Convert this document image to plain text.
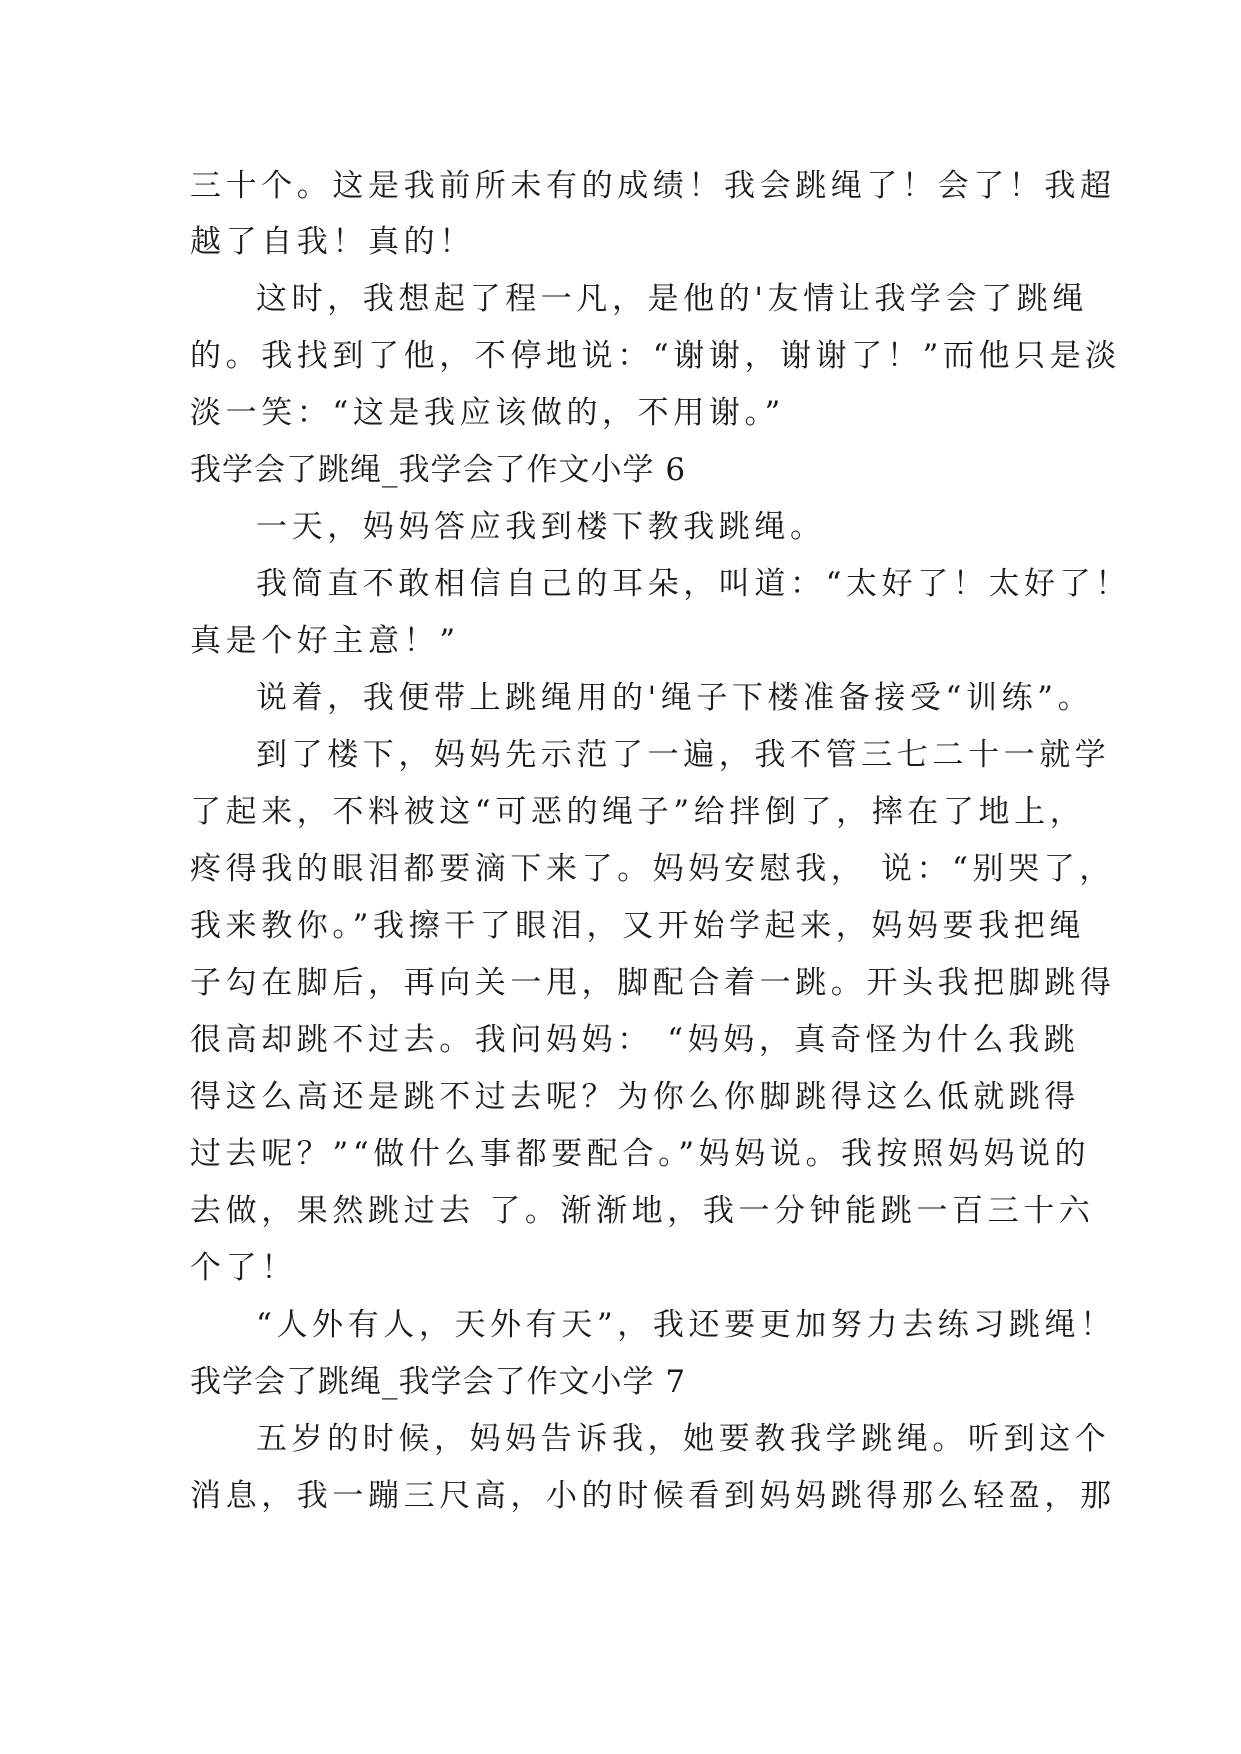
三十个。这是我前所未有的成绩！我会跳绳了！会了！我超
越了自我！真的！
这时，我想起了程一凡，是他的'友情让我学会了跳绳
的。我找到了他，不停地说：“谢谢，谢谢了！”而他只是淡
淡一笑：“这是我应该做的，不用谢。”
我学会了跳绳_我学会了作文小学 6
一天，妈妈答应我到楼下教我跳绳。
我简直不敢相信自己的耳朵，叫道：“太好了！太好了！
真是个好主意！”
说着，我便带上跳绳用的'绳子下楼准备接受“训练”。
到了楼下，妈妈先示范了一遍，我不管三七二十一就学
了起来，不料被这“可恶的绳子”给拌倒了，摔在了地上，
疼得我的眼泪都要滴下来了。妈妈安慰我， 说：“别哭了，
我来教你。”我擦干了眼泪，又开始学起来，妈妈要我把绳
子勾在脚后，再向关一甩，脚配合着一跳。开头我把脚跳得
很高却跳不过去。我问妈妈： “妈妈，真奇怪为什么我跳
得这么高还是跳不过去呢？为你么你脚跳得这么低就跳得
过去呢？”“做什么事都要配合。”妈妈说。我按照妈妈说的
去做，果然跳过去 了。渐渐地，我一分钟能跳一百三十六
个了！
“人外有人，天外有天”，我还要更加努力去练习跳绳！
我学会了跳绳_我学会了作文小学 7
五岁的时候，妈妈告诉我，她要教我学跳绳。听到这个
消息，我一蹦三尺高，小的时候看到妈妈跳得那么轻盈，那
